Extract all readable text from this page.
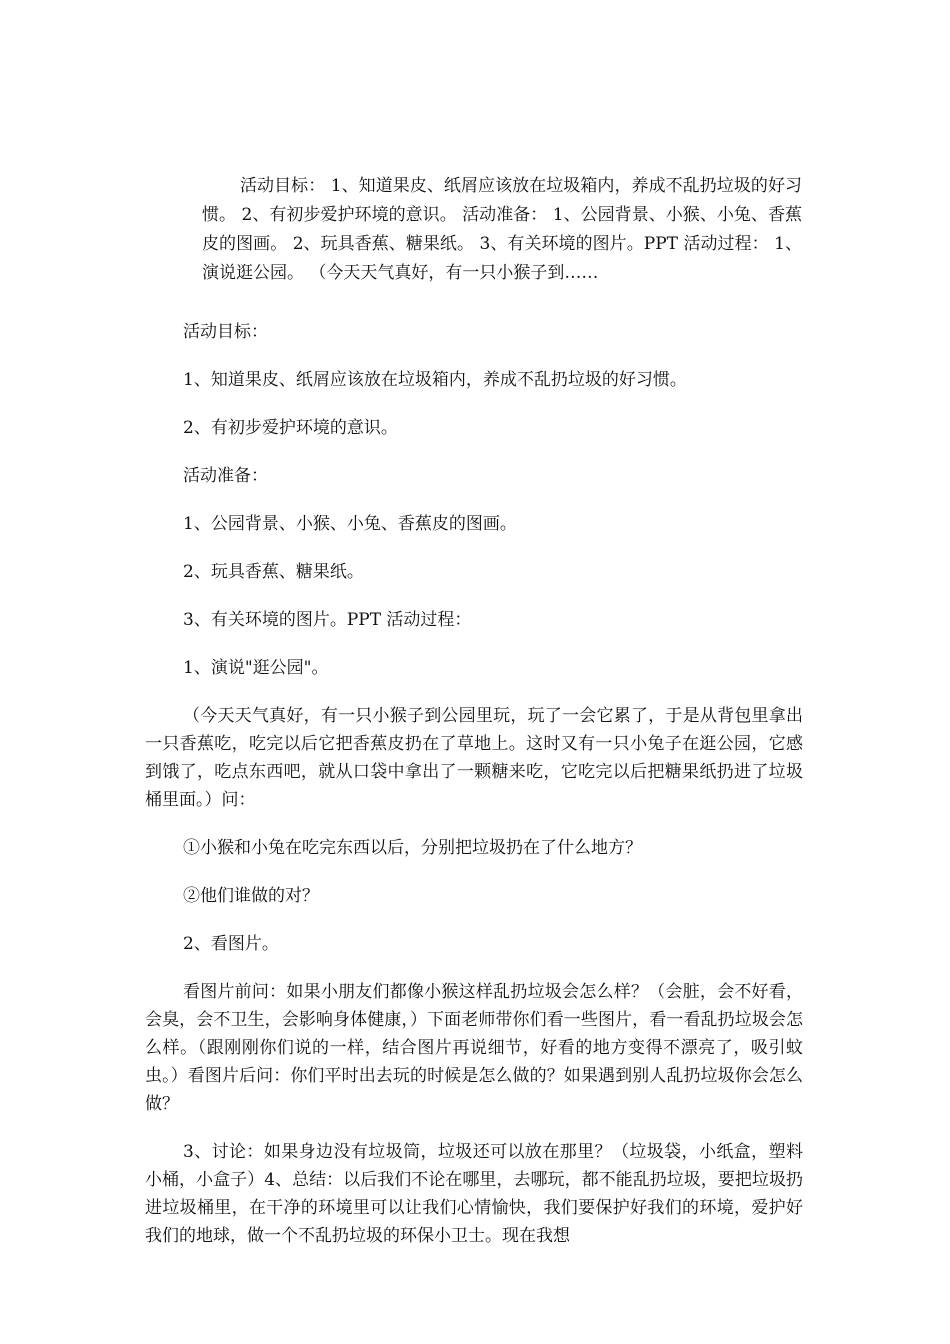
活动目标： 1、知道果皮、纸屑应该放在垃圾箱内，养成不乱扔垃圾的好习惯。 2、有初步爱护环境的意识。 活动准备： 1、公园背景、小猴、小兔、香蕉皮的图画。 2、玩具香蕉、糖果纸。 3、有关环境的图片。PPT 活动过程： 1、演说逛公园。 （今天天气真好，有一只小猴子到……

活动目标：

1、知道果皮、纸屑应该放在垃圾箱内，养成不乱扔垃圾的好习惯。

2、有初步爱护环境的意识。

活动准备：

1、公园背景、小猴、小兔、香蕉皮的图画。

2、玩具香蕉、糖果纸。

3、有关环境的图片。PPT 活动过程：

1、演说"逛公园"。

（今天天气真好，有一只小猴子到公园里玩，玩了一会它累了，于是从背包里拿出一只香蕉吃，吃完以后它把香蕉皮扔在了草地上。这时又有一只小兔子在逛公园，它感到饿了，吃点东西吧，就从口袋中拿出了一颗糖来吃，它吃完以后把糖果纸扔进了垃圾桶里面。）问：

①小猴和小兔在吃完东西以后，分别把垃圾扔在了什么地方？

②他们谁做的对？

2、看图片。

看图片前问：如果小朋友们都像小猴这样乱扔垃圾会怎么样？（会脏，会不好看，会臭，会不卫生，会影响身体健康，）下面老师带你们看一些图片，看一看乱扔垃圾会怎么样。（跟刚刚你们说的一样，结合图片再说细节，好看的地方变得不漂亮了，吸引蚊虫。）看图片后问：你们平时出去玩的时候是怎么做的？如果遇到别人乱扔垃圾你会怎么做？

3、讨论：如果身边没有垃圾筒，垃圾还可以放在那里？（垃圾袋，小纸盒，塑料小桶，小盒子）4、总结：以后我们不论在哪里，去哪玩，都不能乱扔垃圾，要把垃圾扔进垃圾桶里，在干净的环境里可以让我们心情愉快，我们要保护好我们的环境，爱护好我们的地球，做一个不乱扔垃圾的环保小卫士。现在我想
